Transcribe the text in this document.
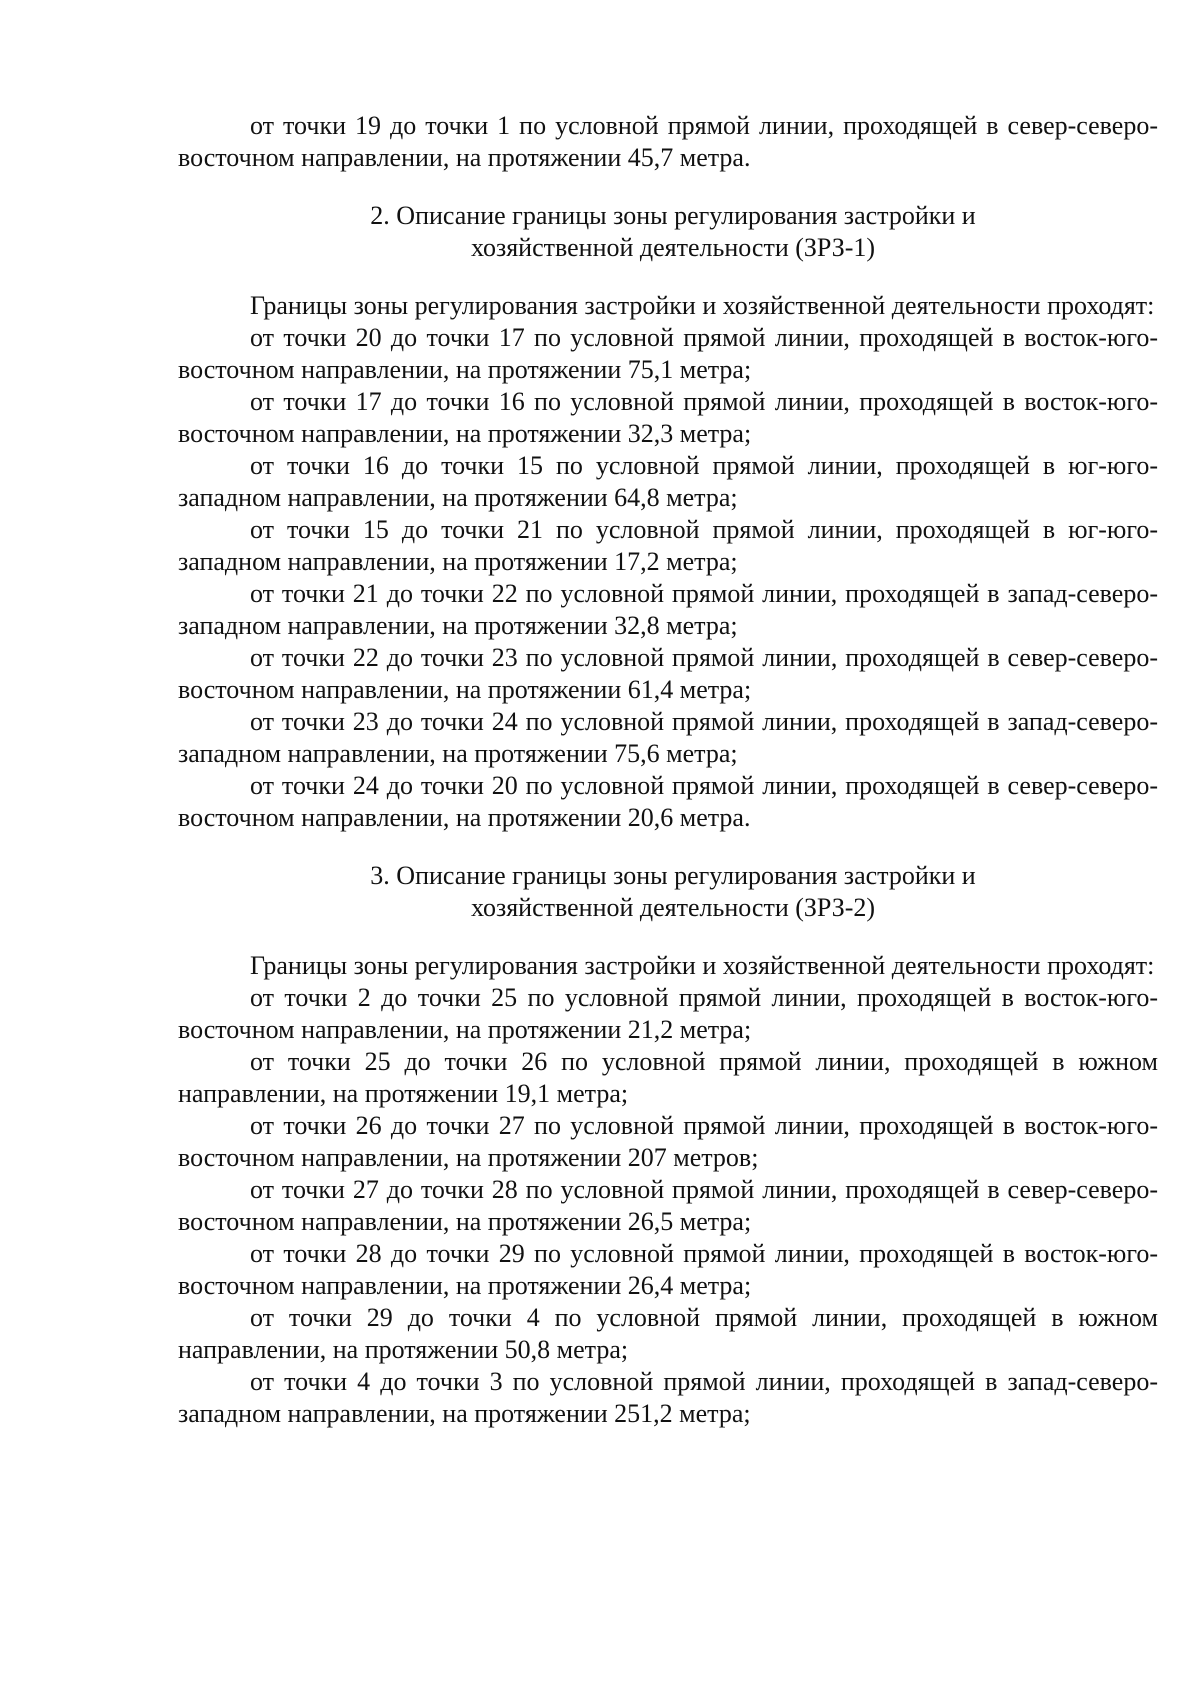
от точки 19 до точки 1 по условной прямой линии, проходящей в север-северо-восточном направлении, на протяжении 45,7 метра.

2. Описание границы зоны регулирования застройки и

хозяйственной деятельности (ЗРЗ-1)

Границы зоны регулирования застройки и хозяйственной деятельности проходят:

от точки 20 до точки 17 по условной прямой линии, проходящей в восток-юго-восточном направлении, на протяжении 75,1 метра;

от точки 17 до точки 16 по условной прямой линии, проходящей в восток-юго-восточном направлении, на протяжении 32,3 метра;

от точки 16 до точки 15 по условной прямой линии, проходящей в юг-юго-западном направлении, на протяжении 64,8 метра;

от точки 15 до точки 21 по условной прямой линии, проходящей в юг-юго-западном направлении, на протяжении 17,2 метра;

от точки 21 до точки 22 по условной прямой линии, проходящей в запад-северо-западном направлении, на протяжении 32,8 метра;

от точки 22 до точки 23 по условной прямой линии, проходящей в север-северо-восточном направлении, на протяжении 61,4 метра;

от точки 23 до точки 24 по условной прямой линии, проходящей в запад-северо-западном направлении, на протяжении 75,6 метра;

от точки 24 до точки 20 по условной прямой линии, проходящей в север-северо-восточном направлении, на протяжении 20,6 метра.

3. Описание границы зоны регулирования застройки и

хозяйственной деятельности (ЗРЗ-2)

Границы зоны регулирования застройки и хозяйственной деятельности проходят:

от точки 2 до точки 25 по условной прямой линии, проходящей в восток-юго-восточном направлении, на протяжении 21,2 метра;

от точки 25 до точки 26 по условной прямой линии, проходящей в южном направлении, на протяжении 19,1 метра;

от точки 26 до точки 27 по условной прямой линии, проходящей в восток-юго-восточном направлении, на протяжении 207 метров;

от точки 27 до точки 28 по условной прямой линии, проходящей в север-северо-восточном направлении, на протяжении 26,5 метра;

от точки 28 до точки 29 по условной прямой линии, проходящей в восток-юго-восточном направлении, на протяжении 26,4 метра;

от точки 29 до точки 4 по условной прямой линии, проходящей в южном направлении, на протяжении 50,8 метра;

от точки 4 до точки 3 по условной прямой линии, проходящей в запад-северо-западном направлении, на протяжении 251,2 метра;
